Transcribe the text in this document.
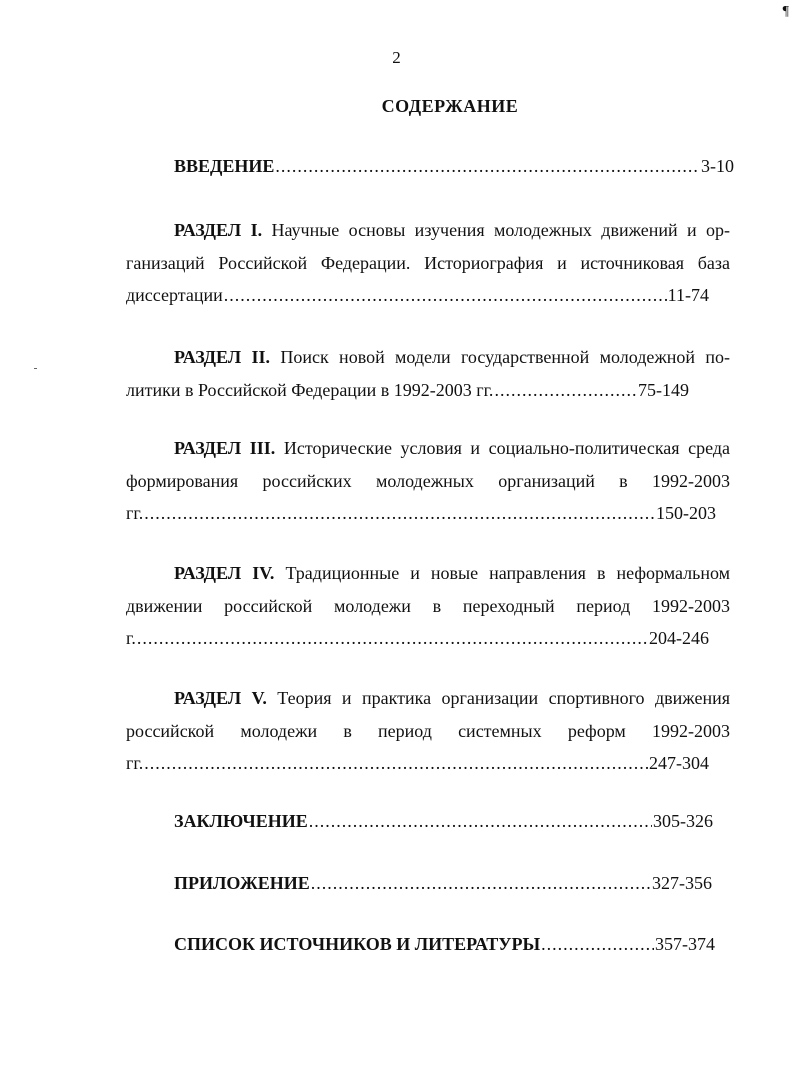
¶
2
СОДЕРЖАНИЕ
ВВЕДЕНИЕ .....	3-10
РАЗДЕЛ I. Научные основы изучения молодежных движений и ор-
ганизаций Российской Федерации. Историография и источниковая база
диссертации .....	11-74
РАЗДЕЛ II. Поиск новой модели государственной молодежной по-
литики в Российской Федерации в 1992-2003 гг. .....	75-149
РАЗДЕЛ III. Исторические условия и социально-политическая среда
формирования российских молодежных организаций в 1992-2003
гг. .....	150-203
РАЗДЕЛ IV. Традиционные и новые направления в неформальном
движении российской молодежи в переходный период 1992-2003
г. .....	204-246
РАЗДЕЛ V. Теория и практика организации спортивного движения
российской молодежи в период системных реформ 1992-2003
гг. .....	247-304
ЗАКЛЮЧЕНИЕ .....	305-326
ПРИЛОЖЕНИЕ .....	327-356
СПИСОК ИСТОЧНИКОВ И ЛИТЕРАТУРЫ .....	357-374
